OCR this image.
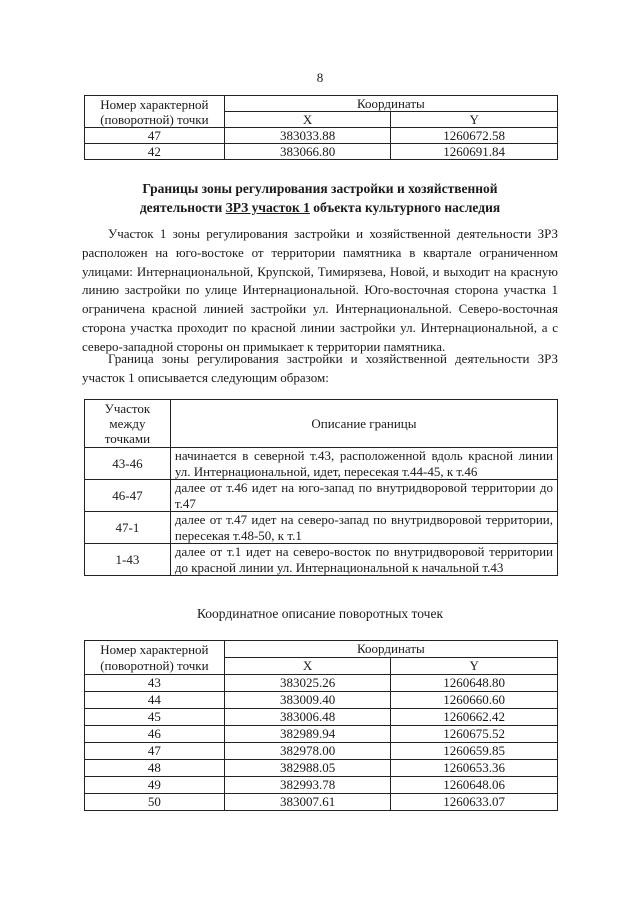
8
Номер характерной (поворотной) точки	Координаты	
	X	Y
47	383033.88	1260672.58
42	383066.80	1260691.84
Границы зоны регулирования застройки и хозяйственной
деятельности ЗРЗ участок 1 объекта культурного наследия

Участок 1 зоны регулирования застройки и хозяйственной деятельности ЗРЗ расположен на юго-востоке от территории памятника в квартале ограниченном улицами: Интернациональной, Крупской, Тимирязева, Новой, и выходит на красную линию застройки по улице Интернациональной. Юго-восточная сторона участка 1 ограничена красной линией застройки ул. Интернациональной. Северо-восточная сторона участка проходит по красной линии застройки ул. Интернациональной, а с северо-западной стороны он примыкает к территории памятника.

Граница зоны регулирования застройки и хозяйственной деятельности ЗРЗ участок 1 описывается следующим образом:

Участок между точками	Описание границы
43-46	начинается в северной т.43, расположенной вдоль красной линии ул. Интернациональной, идет, пересекая т.44-45, к т.46
46-47	далее от т.46 идет на юго-запад по внутридворовой территории до т.47
47-1	далее от т.47 идет на северо-запад по внутридворовой территории, пересекая т.48-50, к т.1
1-43	далее от т.1 идет на северо-восток по внутридворовой территории до красной линии ул. Интернациональной к начальной т.43
Координатное описание поворотных точек
Номер характерной (поворотной) точки	Координаты	
	X	Y
43	383025.26	1260648.80
44	383009.40	1260660.60
45	383006.48	1260662.42
46	382989.94	1260675.52
47	382978.00	1260659.85
48	382988.05	1260653.36
49	382993.78	1260648.06
50	383007.61	1260633.07
